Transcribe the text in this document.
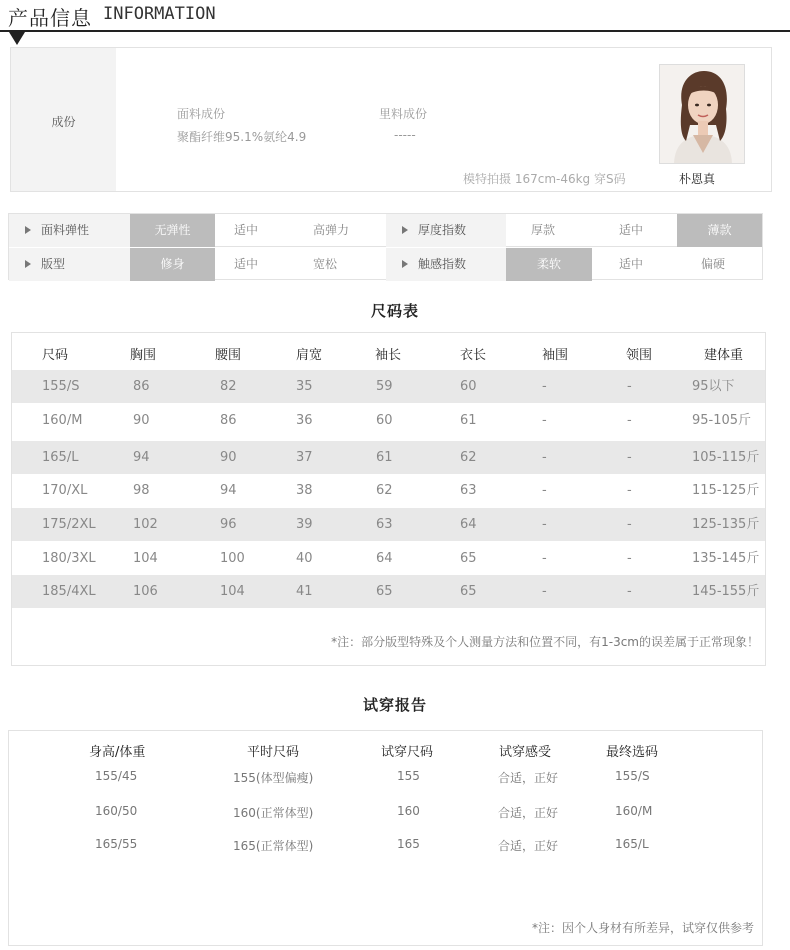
产品信息 INFORMATION
成份
面料成份
聚酯纤维95.1%氨纶4.9
里料成份
-----
模特拍摄 167cm-46kg 穿S码	朴恩真
面料弹性	无弹性	适中	高弹力	厚度指数	厚款	适中	薄款
版型	修身	适中	宽松	触感指数	柔软	适中	偏硬
尺码表
尺码	胸围	腰围	肩宽	袖长	衣长	袖围	领围	建体重
155/S	86	82	35	59	60	-	-	95以下
160/M	90	86	36	60	61	-	-	95-105斤
165/L	94	90	37	61	62	-	-	105-115斤
170/XL	98	94	38	62	63	-	-	115-125斤
175/2XL	102	96	39	63	64	-	-	125-135斤
180/3XL	104	100	40	64	65	-	-	135-145斤
185/4XL	106	104	41	65	65	-	-	145-155斤
*注：部分版型特殊及个人测量方法和位置不同，有1-3cm的误差属于正常现象！
试穿报告
身高/体重	平时尺码	试穿尺码	试穿感受	最终选码
155/45	155(体型偏瘦)	155	合适，正好	155/S
160/50	160(正常体型)	160	合适，正好	160/M
165/55	165(正常体型)	165	合适，正好	165/L
*注：因个人身材有所差异，试穿仅供参考
